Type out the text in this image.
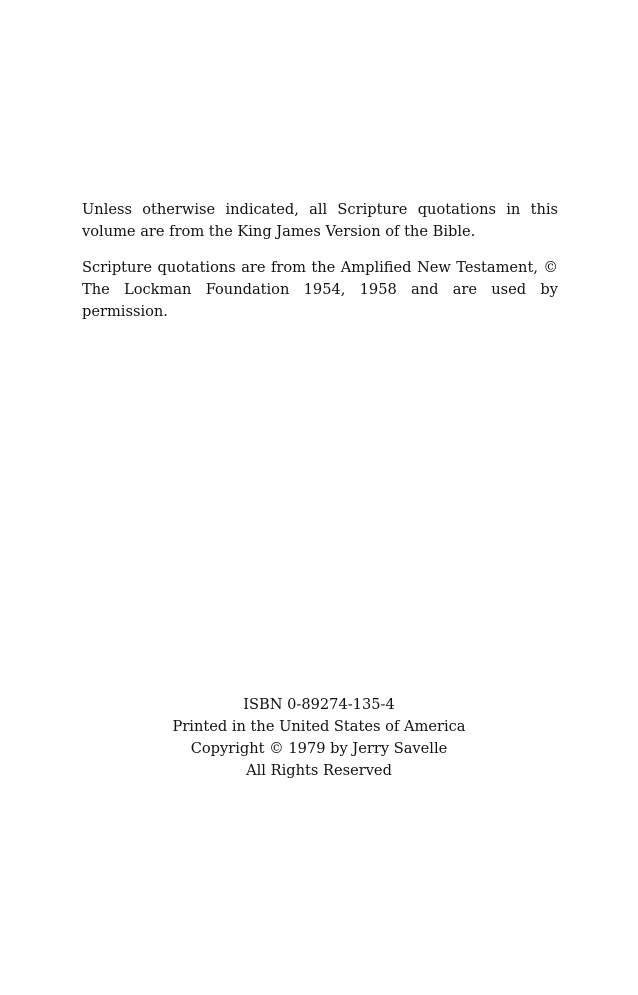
Unless otherwise indicated, all Scripture quotations in this volume are from the King James Version of the Bible.

Scripture quotations are from the Amplified New Testament, © The Lockman Foundation 1954, 1958 and are used by permission.

ISBN 0-89274-135-4
Printed in the United States of America
Copyright © 1979 by Jerry Savelle
All Rights Reserved
